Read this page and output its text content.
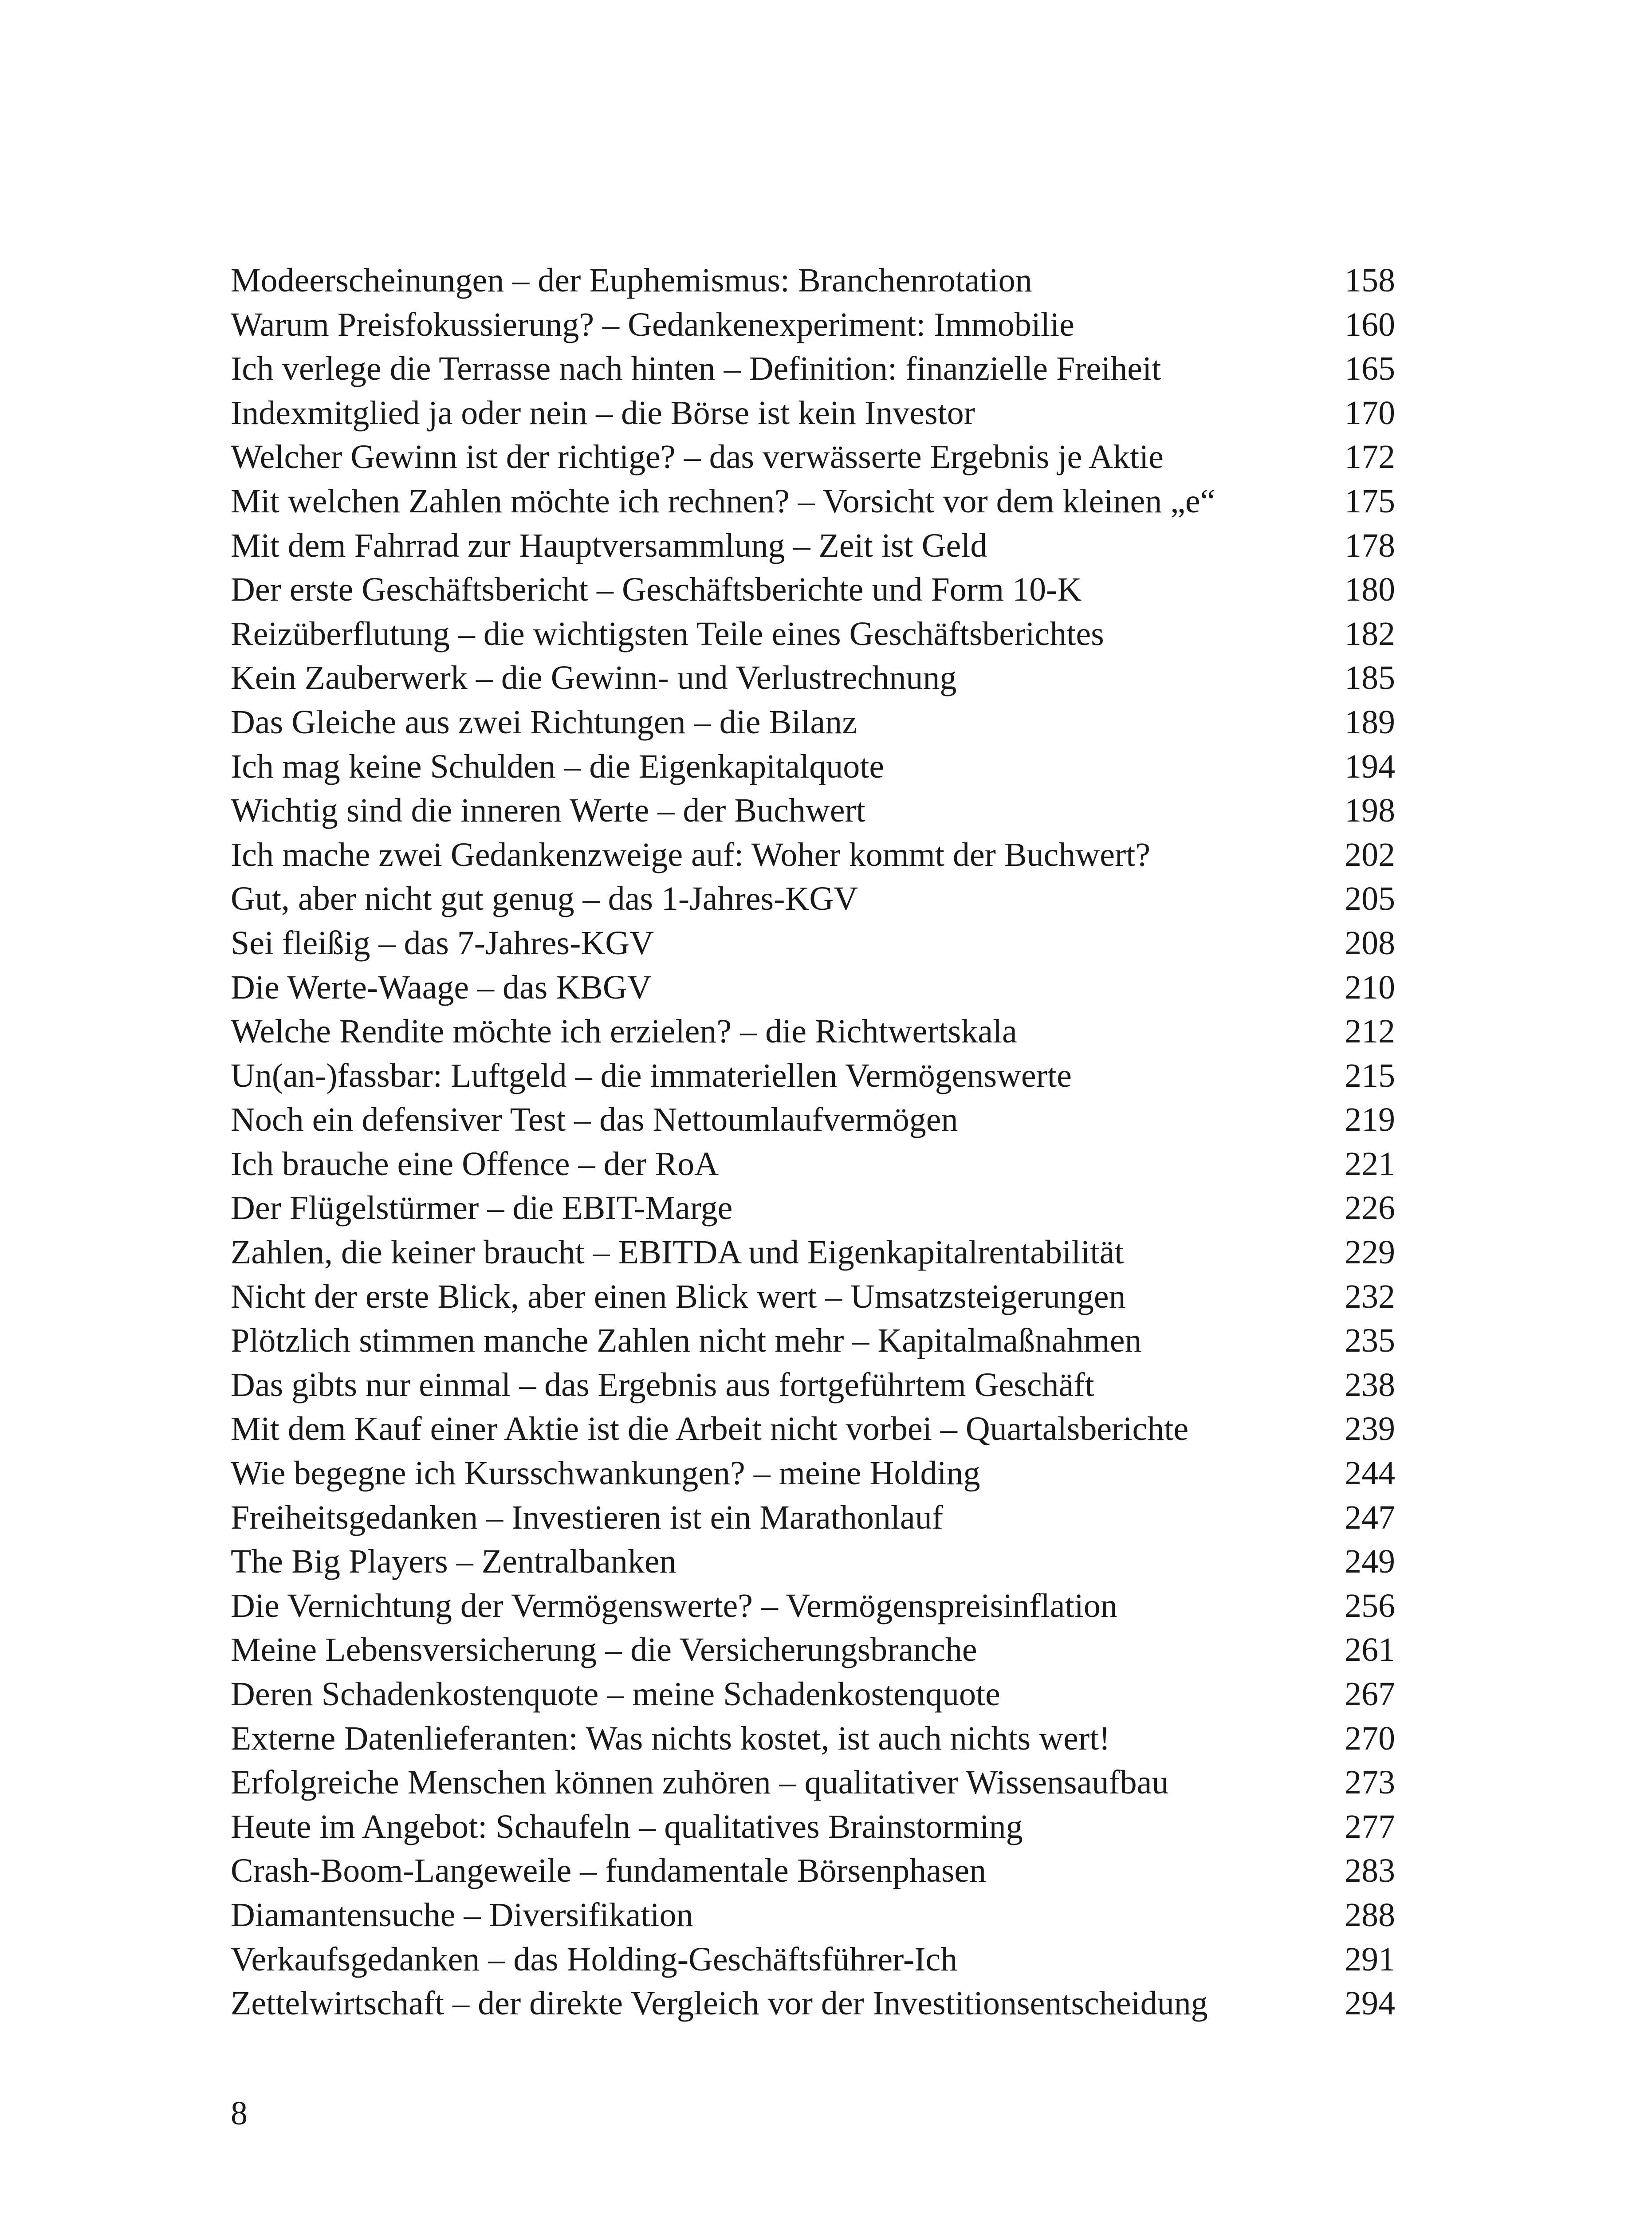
Modeerscheinungen – der Euphemismus: Branchenrotation	158
Warum Preisfokussierung? – Gedankenexperiment: Immobilie	160
Ich verlege die Terrasse nach hinten – Definition: finanzielle Freiheit	165
Indexmitglied ja oder nein – die Börse ist kein Investor	170
Welcher Gewinn ist der richtige? – das verwässerte Ergebnis je Aktie	172
Mit welchen Zahlen möchte ich rechnen? – Vorsicht vor dem kleinen „e“	175
Mit dem Fahrrad zur Hauptversammlung – Zeit ist Geld	178
Der erste Geschäftsbericht – Geschäftsberichte und Form 10-K	180
Reizüberflutung – die wichtigsten Teile eines Geschäftsberichtes	182
Kein Zauberwerk – die Gewinn- und Verlustrechnung	185
Das Gleiche aus zwei Richtungen – die Bilanz	189
Ich mag keine Schulden – die Eigenkapitalquote	194
Wichtig sind die inneren Werte – der Buchwert	198
Ich mache zwei Gedankenzweige auf: Woher kommt der Buchwert?	202
Gut, aber nicht gut genug – das 1-Jahres-KGV	205
Sei fleißig – das 7-Jahres-KGV	208
Die Werte-Waage – das KBGV	210
Welche Rendite möchte ich erzielen? – die Richtwertskala	212
Un(an-)fassbar: Luftgeld – die immateriellen Vermögenswerte	215
Noch ein defensiver Test – das Nettoumlaufvermögen	219
Ich brauche eine Offence – der RoA	221
Der Flügelstürmer – die EBIT-Marge	226
Zahlen, die keiner braucht – EBITDA und Eigenkapitalrentabilität	229
Nicht der erste Blick, aber einen Blick wert – Umsatzsteigerungen	232
Plötzlich stimmen manche Zahlen nicht mehr – Kapitalmaßnahmen	235
Das gibts nur einmal – das Ergebnis aus fortgeführtem Geschäft	238
Mit dem Kauf einer Aktie ist die Arbeit nicht vorbei – Quartalsberichte	239
Wie begegne ich Kursschwankungen? – meine Holding	244
Freiheitsgedanken – Investieren ist ein Marathonlauf	247
The Big Players – Zentralbanken	249
Die Vernichtung der Vermögenswerte? – Vermögenspreisinflation	256
Meine Lebensversicherung – die Versicherungsbranche	261
Deren Schadenkostenquote – meine Schadenkostenquote	267
Externe Datenlieferanten: Was nichts kostet, ist auch nichts wert!	270
Erfolgreiche Menschen können zuhören – qualitativer Wissensaufbau	273
Heute im Angebot: Schaufeln – qualitatives Brainstorming	277
Crash-Boom-Langeweile – fundamentale Börsenphasen	283
Diamantensuche – Diversifikation	288
Verkaufsgedanken – das Holding-Geschäftsführer-Ich	291
Zettelwirtschaft – der direkte Vergleich vor der Investitionsentscheidung	294
8
